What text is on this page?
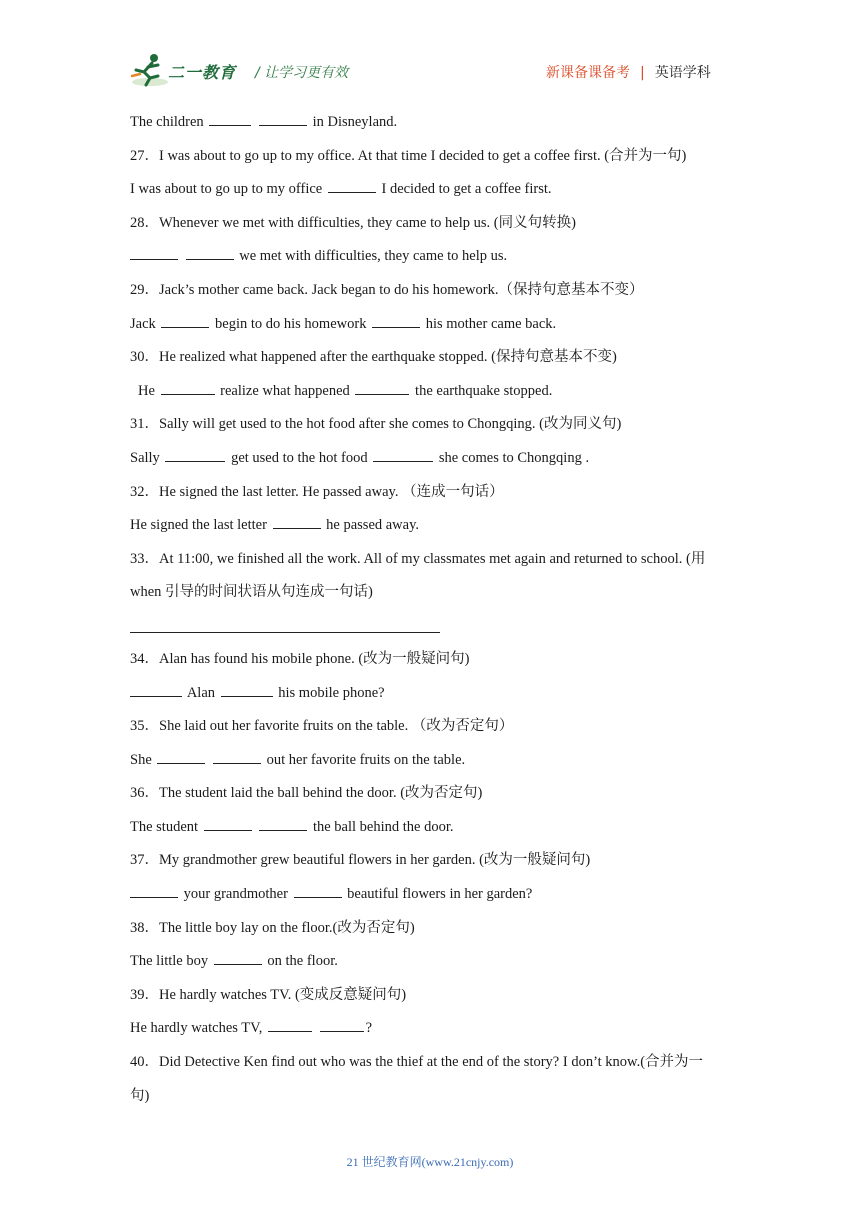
二一教育 / 让学习更有效	新课备课备考 | 英语学科
The children	in Disneyland.
27．I was about to go up to my office. At that time I decided to get a coffee first. (合并为一句)
I was about to go up to my office	I decided to get a coffee first.
28．Whenever we met with difficulties, they came to help us. (同义句转换)
we met with difficulties, they came to help us.
29．Jack’s mother came back. Jack began to do his homework.（保持句意基本不变）
Jack	begin to do his homework	his mother came back.
30．He realized what happened after the earthquake stopped. (保持句意基本不变)
He	realize what happened	the earthquake stopped.
31．Sally will get used to the hot food after she comes to Chongqing. (改为同义句)
Sally	get used to the hot food	she comes to Chongqing .
32．He signed the last letter. He passed away. （连成一句话）
He signed the last letter	he passed away.
33．At 11:00, we finished all the work. All of my classmates met again and returned to school. (用
when 引导的时间状语从句连成一句话)
34．Alan has found his mobile phone. (改为一般疑问句)
Alan	his mobile phone?
35．She laid out her favorite fruits on the table. （改为否定句）
She	out her favorite fruits on the table.
36．The student laid the ball behind the door. (改为否定句)
The student	the ball behind the door.
37．My grandmother grew beautiful flowers in her garden. (改为一般疑问句)
your grandmother	beautiful flowers in her garden?
38．The little boy lay on the floor.(改为否定句)
The little boy	on the floor.
39．He hardly watches TV. (变成反意疑问句)
He hardly watches TV,	?
40．Did Detective Ken find out who was the thief at the end of the story? I don’t know.(合并为一
句)
21 世纪教育网(www.21cnjy.com)
